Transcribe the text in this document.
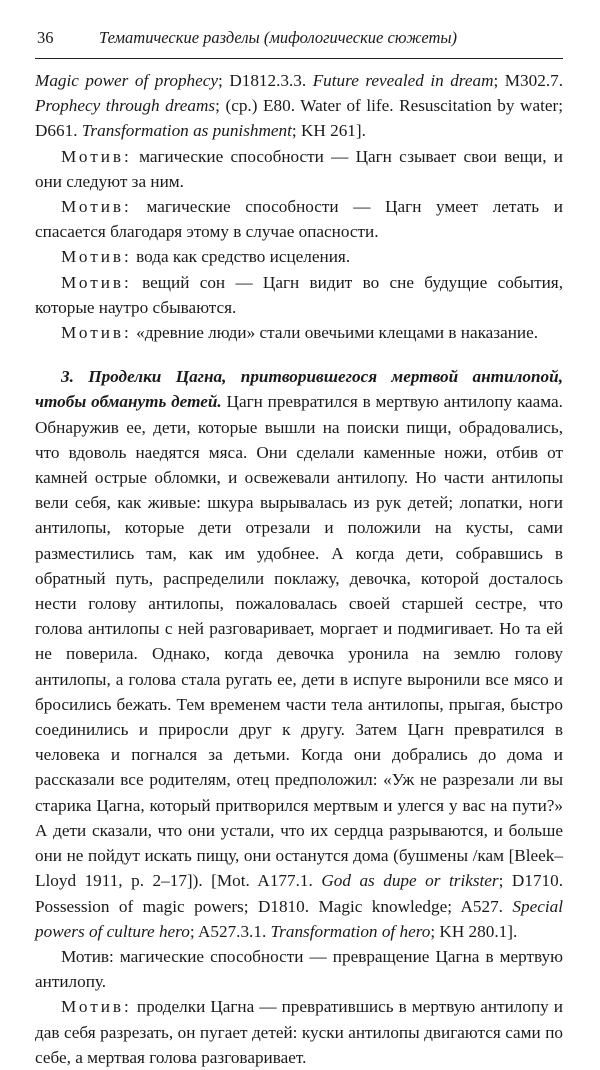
36	Тематические разделы (мифологические сюжеты)

Magic power of prophecy; D1812.3.3. Future revealed in dream; M302.7. Prophecy through dreams; (ср.) E80. Water of life. Resuscitation by water; D661. Transformation as punishment; KH 261].

Мотив: магические способности — Цагн сзывает свои вещи, и они следуют за ним.

Мотив: магические способности — Цагн умеет летать и спасается благодаря этому в случае опасности.

Мотив: вода как средство исцеления.

Мотив: вещий сон — Цагн видит во сне будущие события, которые наутро сбываются.

Мотив: «древние люди» стали овечьими клещами в наказание.

3. Проделки Цагна, притворившегося мертвой антилопой, чтобы обмануть детей. Цагн превратился в мертвую антилопу каама. Обнаружив ее, дети, которые вышли на поиски пищи, обрадовались, что вдоволь наедятся мяса. Они сделали каменные ножи, отбив от камней острые обломки, и освежевали антилопу. Но части антилопы вели себя, как живые: шкура вырывалась из рук детей; лопатки, ноги антилопы, которые дети отрезали и положили на кусты, сами разместились там, как им удобнее. А когда дети, собравшись в обратный путь, распределили поклажу, девочка, которой досталось нести голову антилопы, пожаловалась своей старшей сестре, что голова антилопы с ней разговаривает, моргает и подмигивает. Но та ей не поверила. Однако, когда девочка уронила на землю голову антилопы, а голова стала ругать ее, дети в испуге выронили все мясо и бросились бежать. Тем временем части тела антилопы, прыгая, быстро соединились и приросли друг к другу. Затем Цагн превратился в человека и погнался за детьми. Когда они добрались до дома и рассказали все родителям, отец предположил: «Уж не разрезали ли вы старика Цагна, который притворился мертвым и улегся у вас на пути?» А дети сказали, что они устали, что их сердца разрываются, и больше они не пойдут искать пищу, они останутся дома (бушмены /кам [Bleek–Lloyd 1911, p. 2–17]). [Mot. A177.1. God as dupe or trikster; D1710. Possession of magic powers; D1810. Magic knowledge; A527. Special powers of culture hero; A527.3.1. Transformation of hero; KH 280.1].

Мотив: магические способности — превращение Цагна в мертвую антилопу.

Мотив: проделки Цагна — превратившись в мертвую антилопу и дав себя разрезать, он пугает детей: куски антилопы двигаются сами по себе, а мертвая голова разговаривает.
